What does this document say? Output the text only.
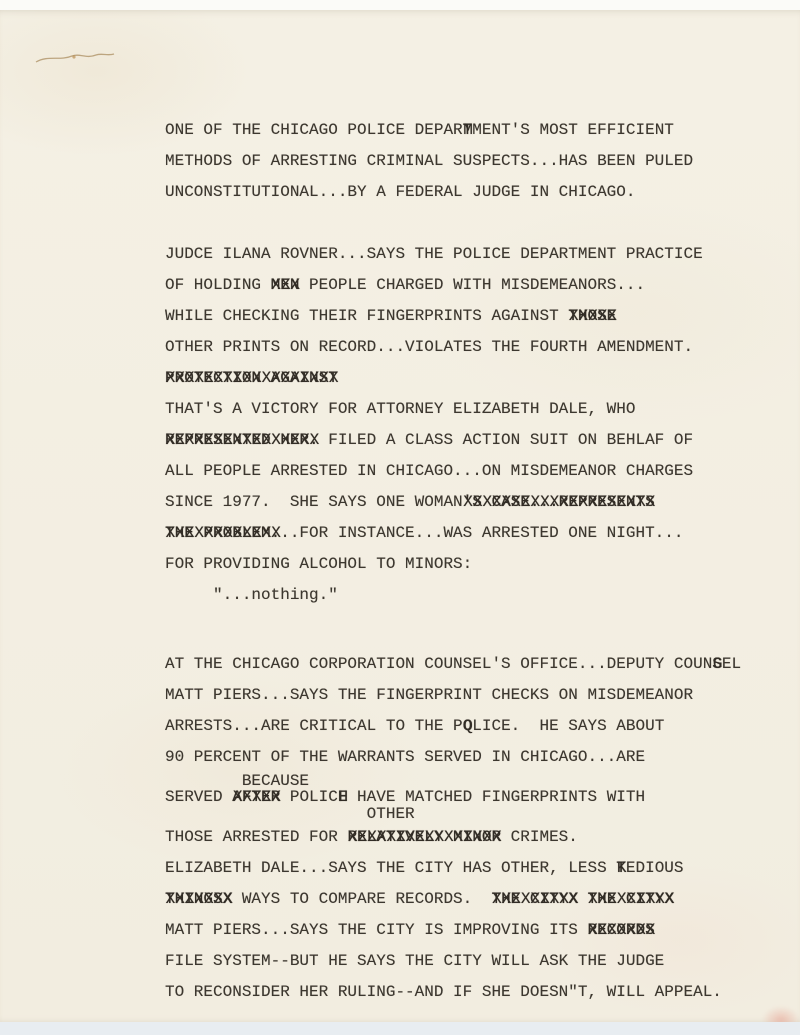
ONE OF THE CHICAGO POLICE DEPART MMENT'S MOST EFFICIENT
METHODS OF ARRESTING CRIMINAL SUSPECTS...HAS BEEN PULED
UNCONSTITUTIONAL...BY A FEDERAL JUDGE IN CHICAGO.
JUDCE ILANA ROVNER...SAYS THE POLICE DEPARTMENT PRACTICE
OF HOLDING MEN XXX PEOPLE CHARGED WITH MISDEMEANORS...
WHILE CHECKING THEIR FINGERPRINTS AGAINST THOSE XXXXX
OTHER PRINTS ON RECORD...VIOLATES THE FOURTH AMENDMENT.
PROTECTION AGAINST XXXXXXXXXXXXXXXXXX
THAT'S A VICTORY FOR ATTORNEY ELIZABETH DALE, WHO
REPRESENTED HER. XXXXXXXXXXXXXXXX FILED A CLASS ACTION SUIT ON BEHLAF OF
ALL PEOPLE ARRESTED IN CHICAGO...ON MISDEMEANOR CHARGES
SINCE 1977.  SHE SAYS ONE WOMAN'S CASE...REPRESENTS XXXXXXXXXXXXXXXXXXXX
THE PROBLEM. XXXXXXXXXXXX..FOR INSTANCE...WAS ARRESTED ONE NIGHT...
FOR PROVIDING ALCOHOL TO MINORS:
"...nothing."
AT THE CHICAGO CORPORATION COUNSEL'S OFFICE...DEPUTY COUNS GEL
MATT PIERS...SAYS THE FINGERPRINT CHECKS ON MISDEMEANOR
ARRESTS...ARE CRITICAL TO THE PO QLICE.  HE SAYS ABOUT
90 PERCENT OF THE WARRANTS SERVED IN CHICAGO...ARE
BECAUSE
SERVED AFTER XXXXX POLICE H HAVE MATCHED FINGERPRINTS WITH
OTHER
THOSE ARRESTED FOR RELATIVELY MINOR XXXXXXXXXXXXXXXX CRIMES.
ELIZABETH DALE...SAYS THE CITY HAS OTHER, LESS T KEDIOUS
THINGSX XXXXXXX WAYS TO COMPARE RECORDS.  THE CITYX XXXXXXXXX THE CITYX XXXXXXXXX
MATT PIERS...SAYS THE CITY IS IMPROVING ITS RECORDS XXXXXXX
FILE SYSTEM--BUT HE SAYS THE CITY WILL ASK THE JUDGE
TO RECONSIDER HER RULING--AND IF SHE DOESN"T, WILL APPEAL.
